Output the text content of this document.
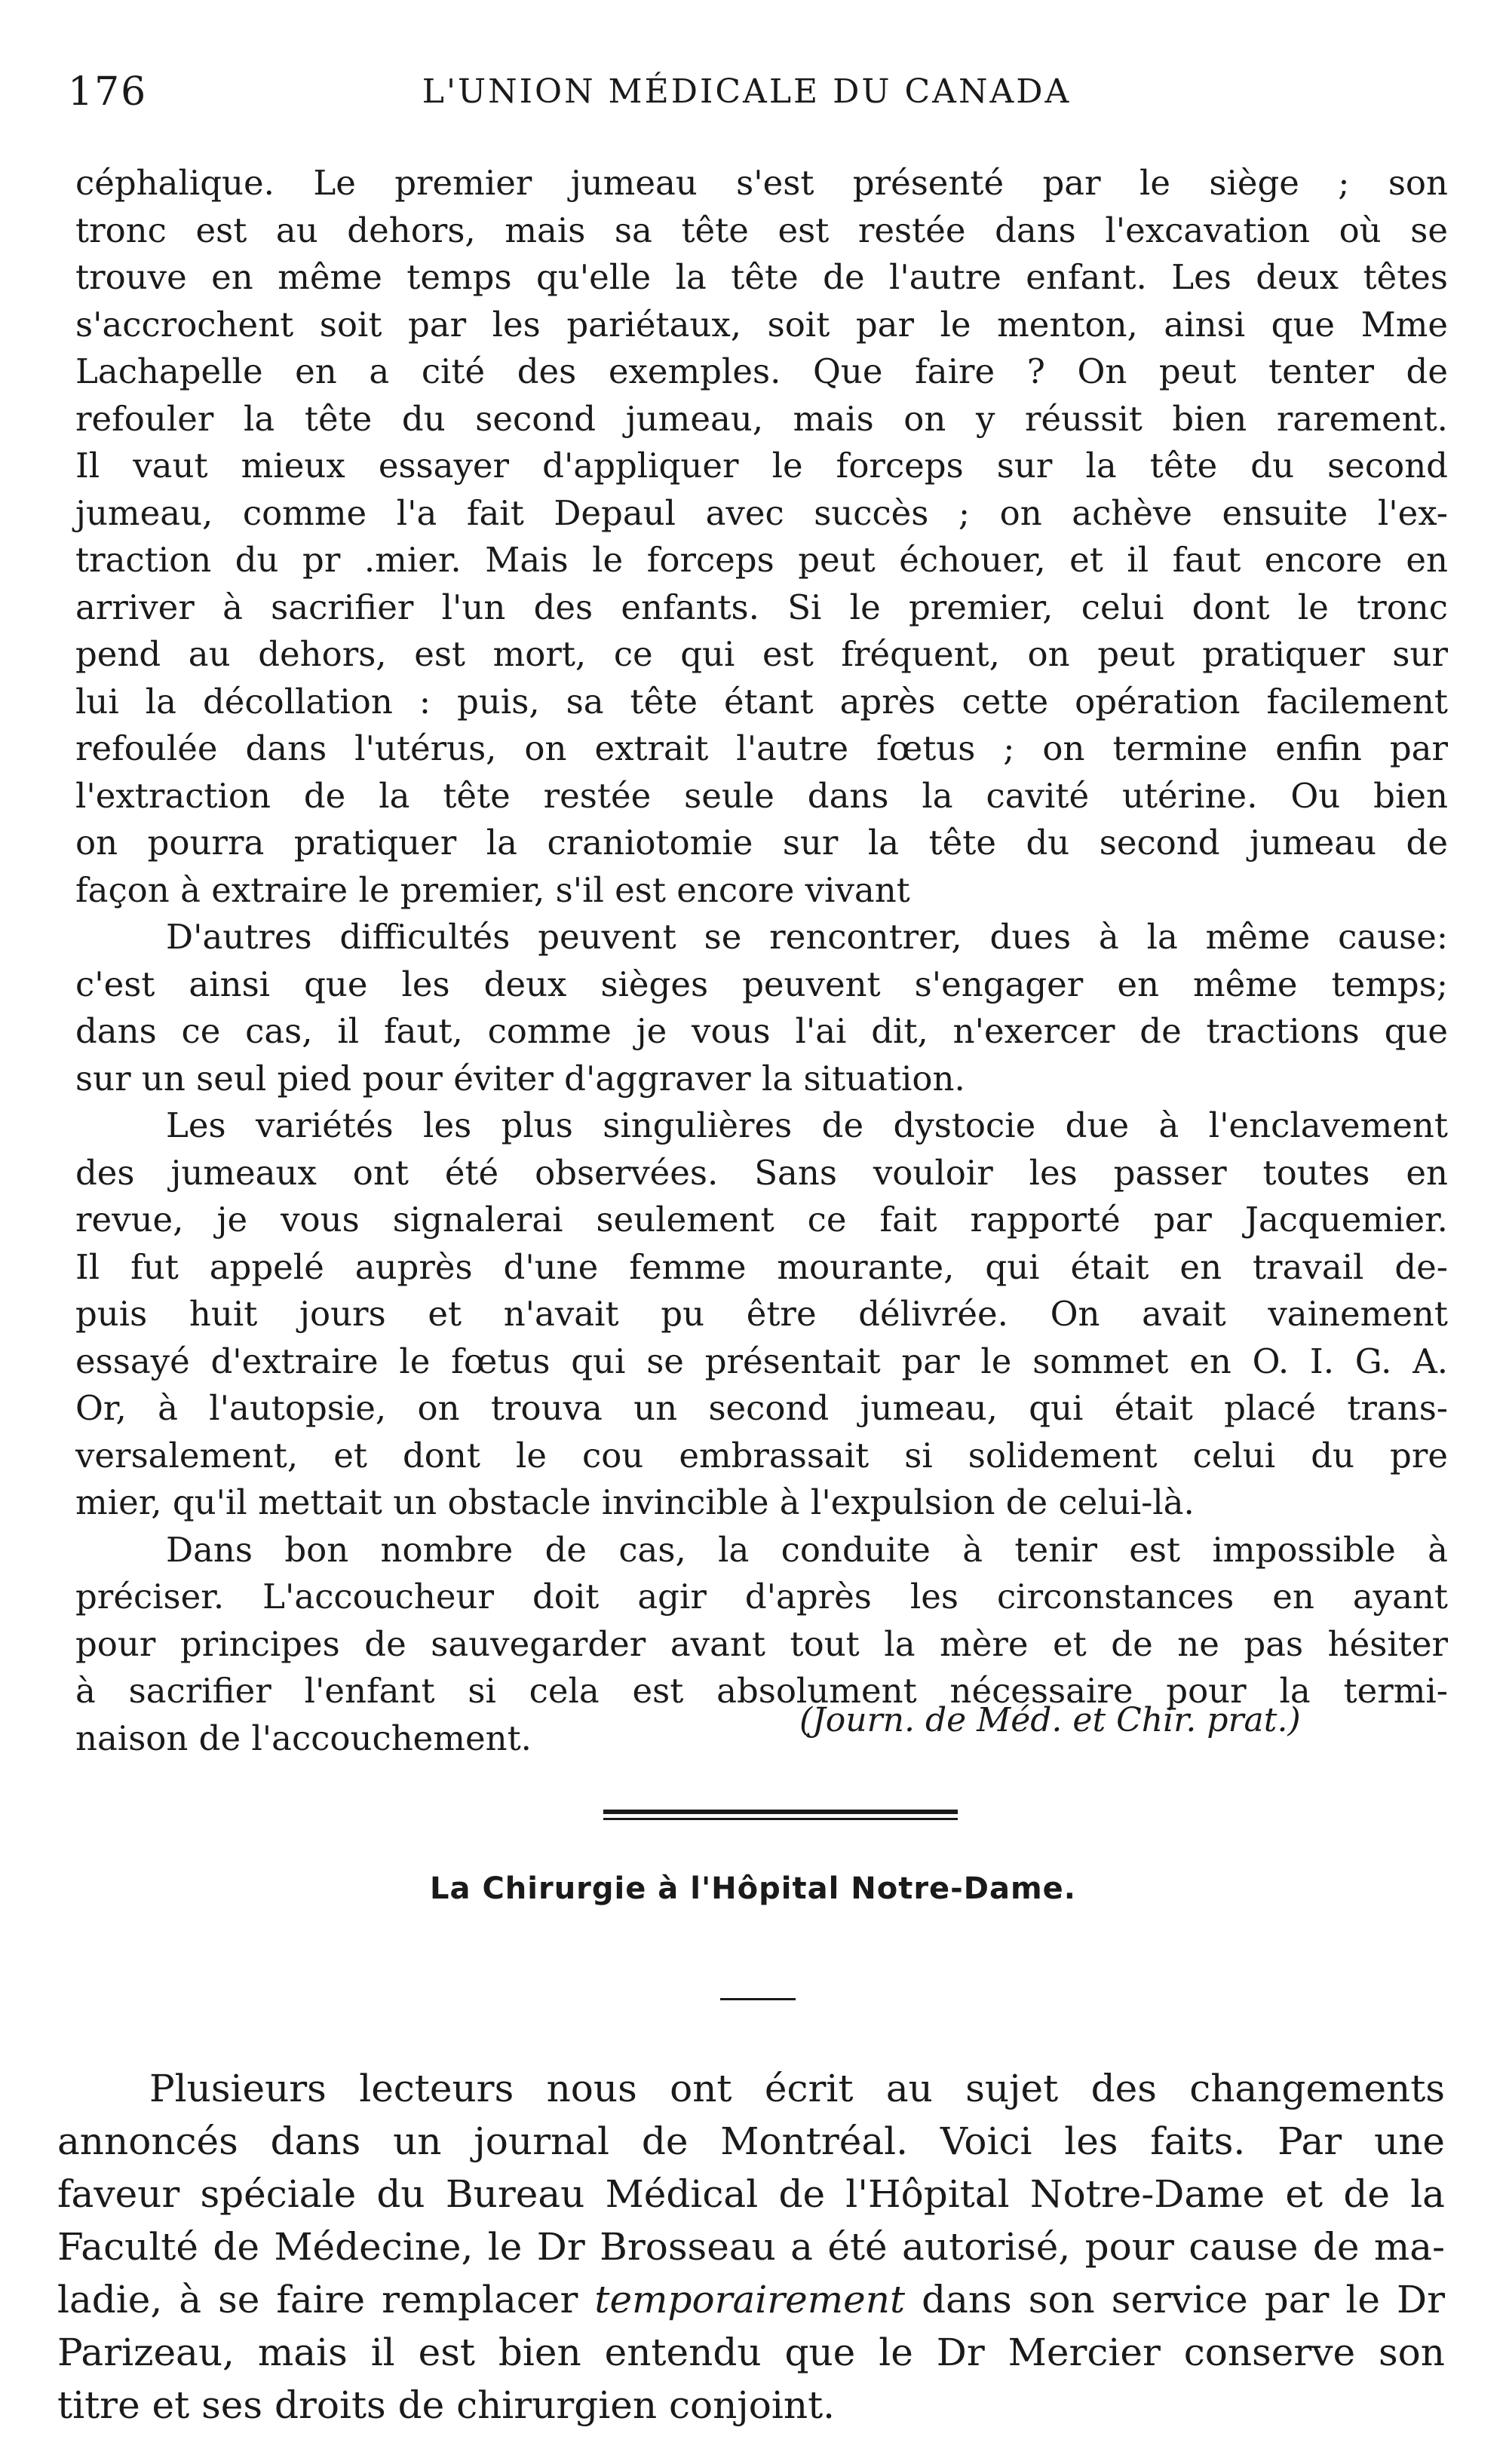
176	L'UNION MÉDICALE DU CANADA
céphalique. Le premier jumeau s'est présenté par le siège ; son
tronc est au dehors, mais sa tête est restée dans l'excavation où se
trouve en même temps qu'elle la tête de l'autre enfant. Les deux têtes
s'accrochent soit par les pariétaux, soit par le menton, ainsi que Mme
Lachapelle en a cité des exemples. Que faire ? On peut tenter de
refouler la tête du second jumeau, mais on y réussit bien rarement.
Il vaut mieux essayer d'appliquer le forceps sur la tête du second
jumeau, comme l'a fait Depaul avec succès ; on achève ensuite l'ex-
traction du pr .mier. Mais le forceps peut échouer, et il faut encore en
arriver à sacrifier l'un des enfants. Si le premier, celui dont le tronc
pend au dehors, est mort, ce qui est fréquent, on peut pratiquer sur
lui la décollation : puis, sa tête étant après cette opération facilement
refoulée dans l'utérus, on extrait l'autre fœtus ; on termine enfin par
l'extraction de la tête restée seule dans la cavité utérine. Ou bien
on pourra pratiquer la craniotomie sur la tête du second jumeau de
façon à extraire le premier, s'il est encore vivant
D'autres difficultés peuvent se rencontrer, dues à la même cause:
c'est ainsi que les deux sièges peuvent s'engager en même temps;
dans ce cas, il faut, comme je vous l'ai dit, n'exercer de tractions que
sur un seul pied pour éviter d'aggraver la situation.
Les variétés les plus singulières de dystocie due à l'enclavement
des jumeaux ont été observées. Sans vouloir les passer toutes en
revue, je vous signalerai seulement ce fait rapporté par Jacquemier.
Il fut appelé auprès d'une femme mourante, qui était en travail de-
puis huit jours et n'avait pu être délivrée. On avait vainement
essayé d'extraire le fœtus qui se présentait par le sommet en O. I. G. A.
Or, à l'autopsie, on trouva un second jumeau, qui était placé trans-
versalement, et dont le cou embrassait si solidement celui du pre
mier, qu'il mettait un obstacle invincible à l'expulsion de celui-là.
Dans bon nombre de cas, la conduite à tenir est impossible à
préciser. L'accoucheur doit agir d'après les circonstances en ayant
pour principes de sauvegarder avant tout la mère et de ne pas hésiter
à sacrifier l'enfant si cela est absolument nécessaire pour la termi-
naison de l'accouchement.	(Journ. de Méd. et Chir. prat.)
La Chirurgie à l'Hôpital Notre-Dame.
Plusieurs lecteurs nous ont écrit au sujet des changements
annoncés dans un journal de Montréal. Voici les faits. Par une
faveur spéciale du Bureau Médical de l'Hôpital Notre-Dame et de la
Faculté de Médecine, le Dr Brosseau a été autorisé, pour cause de ma-
ladie, à se faire remplacer temporairement dans son service par le Dr
Parizeau, mais il est bien entendu que le Dr Mercier conserve son
titre et ses droits de chirurgien conjoint.
